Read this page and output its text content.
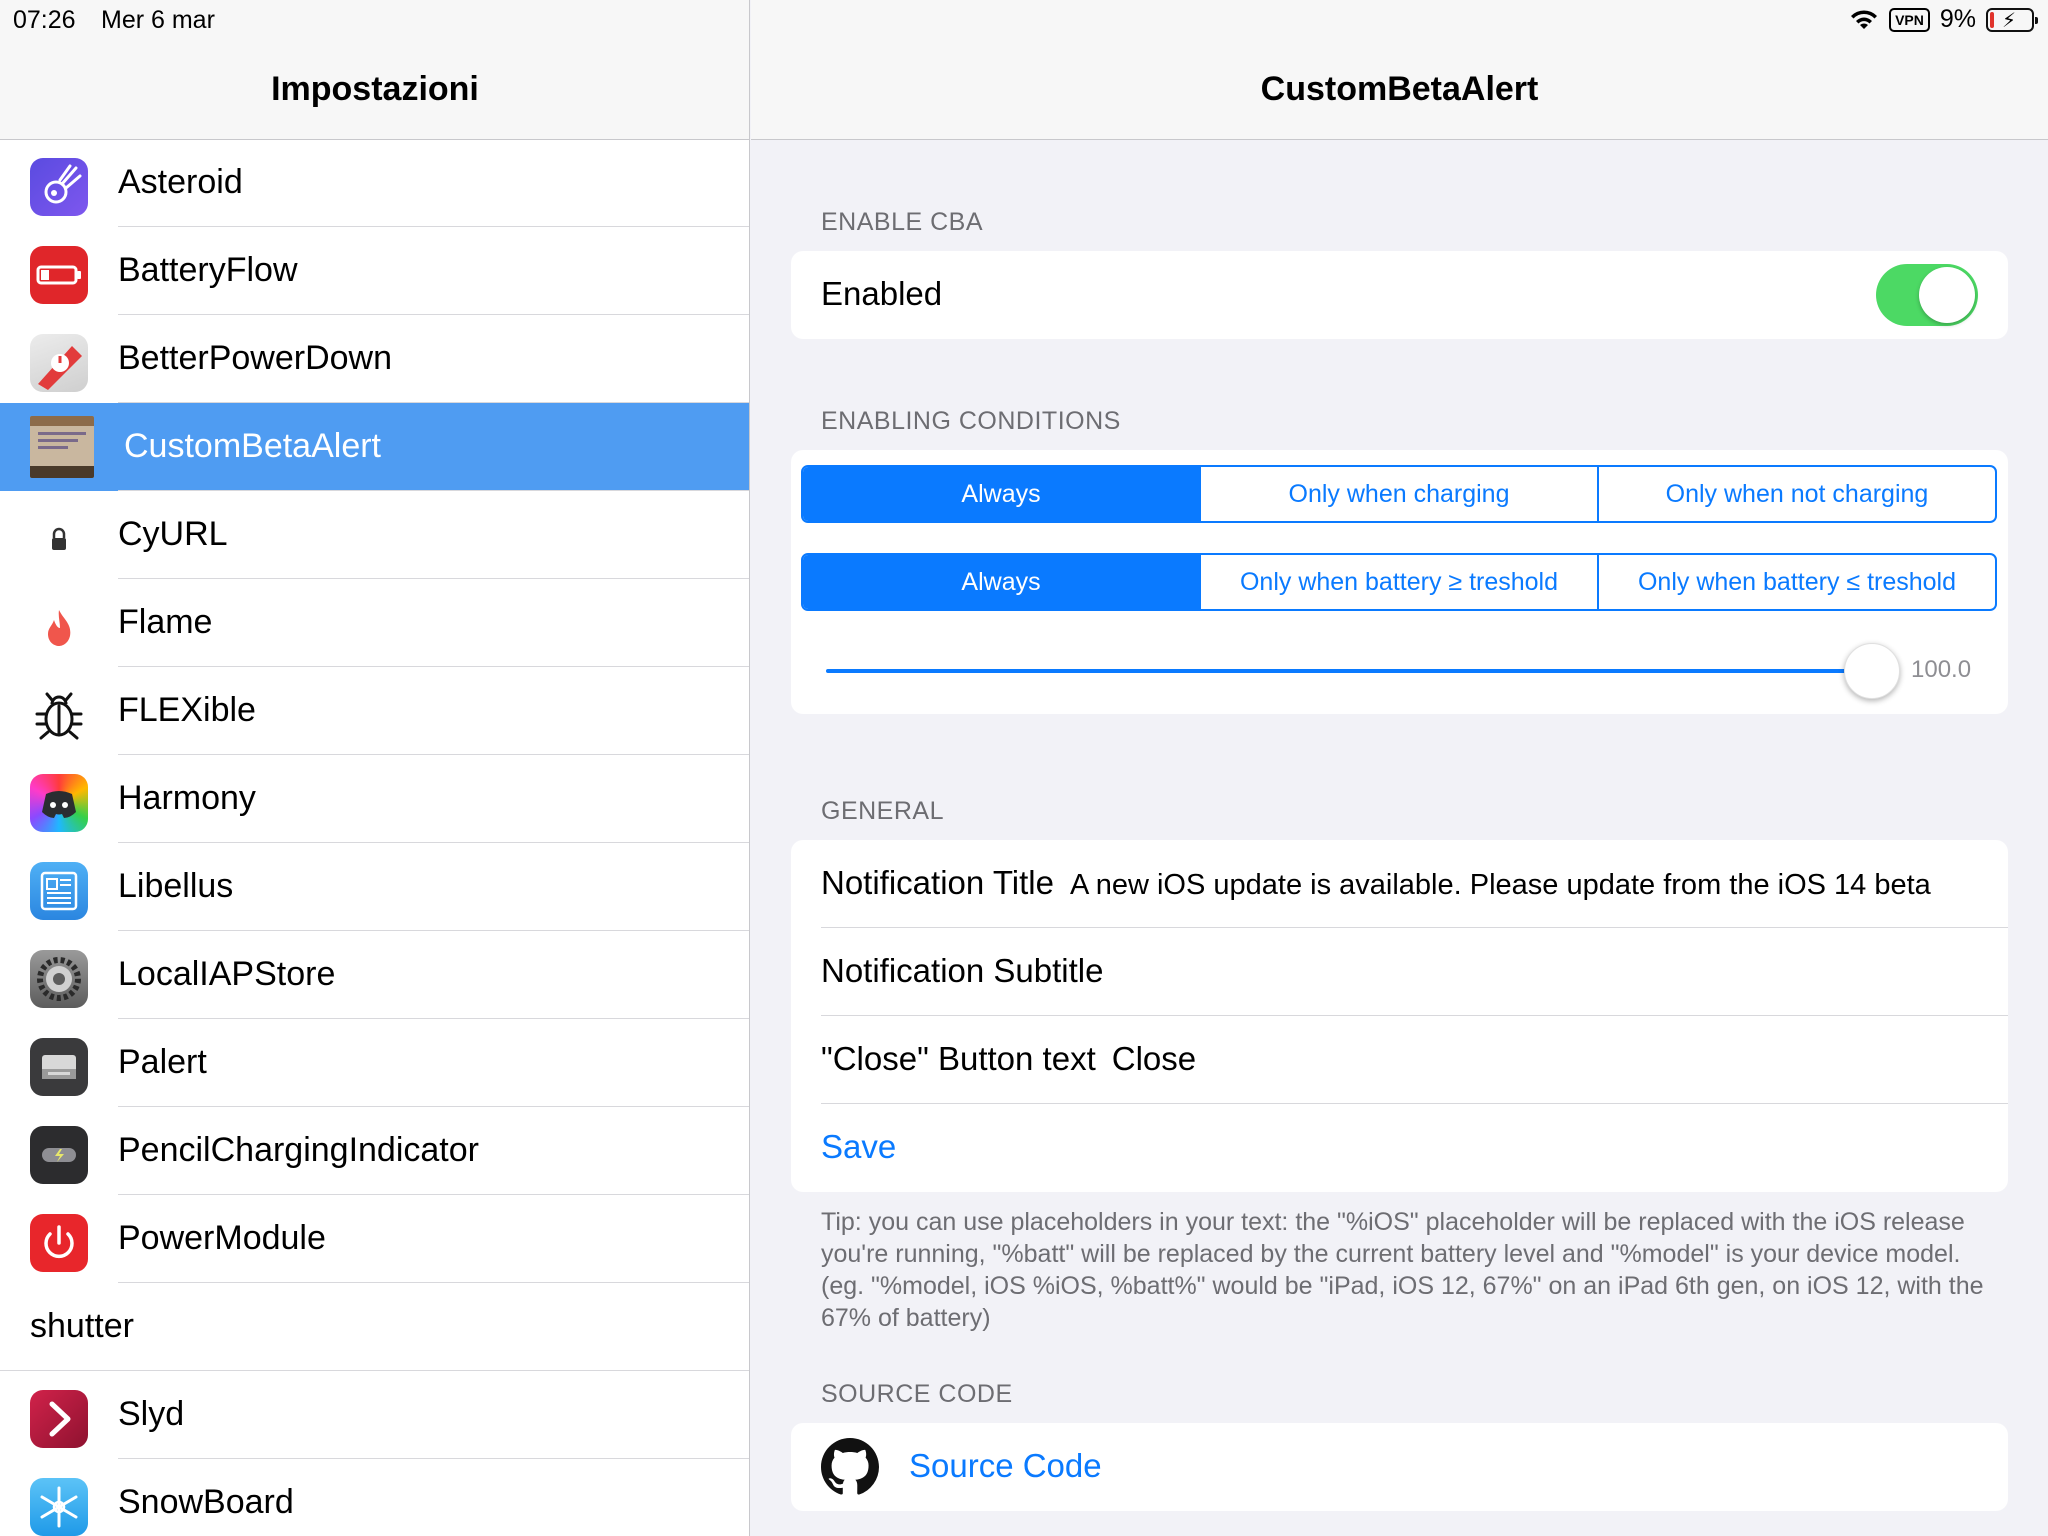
07:26 Mer 6 mar	VPN 9% ⚡
Impostazioni
Asteroid
BatteryFlow
BetterPowerDown
CustomBetaAlert
CyURL
Flame
FLEXible
Harmony
Libellus
LocalIAPStore
Palert
PencilChargingIndicator
PowerModule
shutter
Slyd
SnowBoard
CustomBetaAlert
ENABLE CBA
Enabled
ENABLING CONDITIONS
Always	Only when charging	Only when not charging
Always	Only when battery ≥ treshold	Only when battery ≤ treshold
100.0
GENERAL
Notification Title A new iOS update is available. Please update from the iOS 14 beta
Notification Subtitle
"Close" Button text Close
Save
Tip: you can use placeholders in your text: the "%iOS" placeholder will be replaced with the iOS release you're running, "%batt" will be replaced by the current battery level and "%model" is your device model. (eg. "%model, iOS %iOS, %batt%" would be "iPad, iOS 12, 67%" on an iPad 6th gen, on iOS 12, with the 67% of battery)
SOURCE CODE
Source Code
